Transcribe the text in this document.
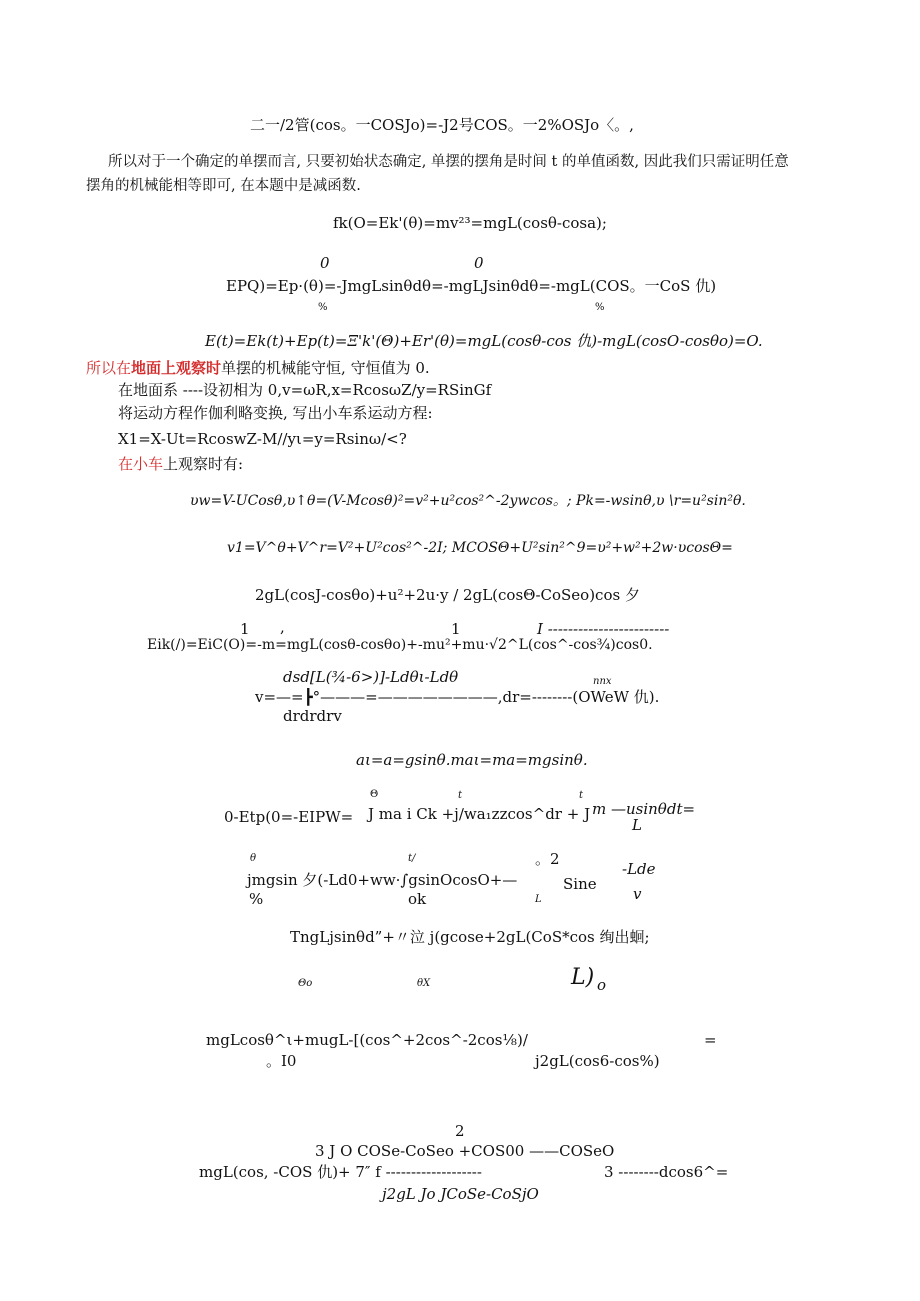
二一/2管(cos。一COSJo)=-J2号COS。一2%OSJo〈。,
所以对于一个确定的单摆而言, 只要初始状态确定, 单摆的摆角是时间 t 的单值函数, 因此我们只需证明任意
摆角的机械能相等即可, 在本题中是减函数.
fk(O=Ek'(θ)=mv²³=mgL(cosθ-cosa);
0	0
EPQ)=Ep·(θ)=-JmgLsinθdθ=-mgLJsinθdθ=-mgL(COS。一CoS 仇)
%	%
E(t)=Ek(t)+Ep(t)=Ξ'k'(Θ)+Er'(θ)=mgL(cosθ-cos 仇)-mgL(cosO-cosθo)=O.
所以在地面上观察时单摆的机械能守恒, 守恒值为 0.
在地面系 ----设初相为 0,v=ωR,x=RcosωZ/y=RSinGf
将运动方程作伽利略变换, 写出小车系运动方程:
X1=X-Ut=RcoswZ-M//yι=y=Rsinω/<?
在小车上观察时有:
υw=V-UCosθ,υ↑θ=(V-Mcosθ)²=v²+u²cos²^-2ywcos。; Pk=-wsinθ,υ \r=u²sin²θ.
v1=V^θ+V^r=V²+U²cos²^-2I; MCOSΘ+U²sin²^9=υ²+w²+2w·υcosΘ=
2gL(cosJ-cosθo)+u²+2u·y / 2gL(cosΘ-CoSeo)cos 夕
1 ,	1	I ------------------------
Eik(/)=EiC(O)=-m=mgL(cosθ-cosθo)+-mu²+mu·√2^L(cos^-cos¾)cos0.
dsd[L(¾-6>)]-Ldθι-Ldθ	nnx
v=—=┣°———=————————,dr=--------(OWeW 仇).
drdrdrv
aι=a=gsinθ.maι=ma=mgsinθ.
Θ	t	t
0-Etp(0=-EIPW= J ma i Ck +j∕wa₁zzcos^dr + J m —usinθdt=
L
θ	t/	。2
-Lde
jmgsin 夕(-Ld0+ww·∫gsinOcosO+—	Sine
v
%	ok	L
TngLjsinθd”+〃泣 j(gcose+2gL(CoS*cos 绚出蛔;
Θo	θX	L) o
mgLcosθ^ι+mugL-[(cos^+2cos^-2cos⅛)/	=
。I0	j2gL(cos6-cos%)
2
3 J O COSe-CoSeo +COS00 ——COSeO
mgL(cos, -COS 仇)+ 7″ f -------------------	3 --------dcos6^=
j2gL Jo JCoSe-CoSjO
